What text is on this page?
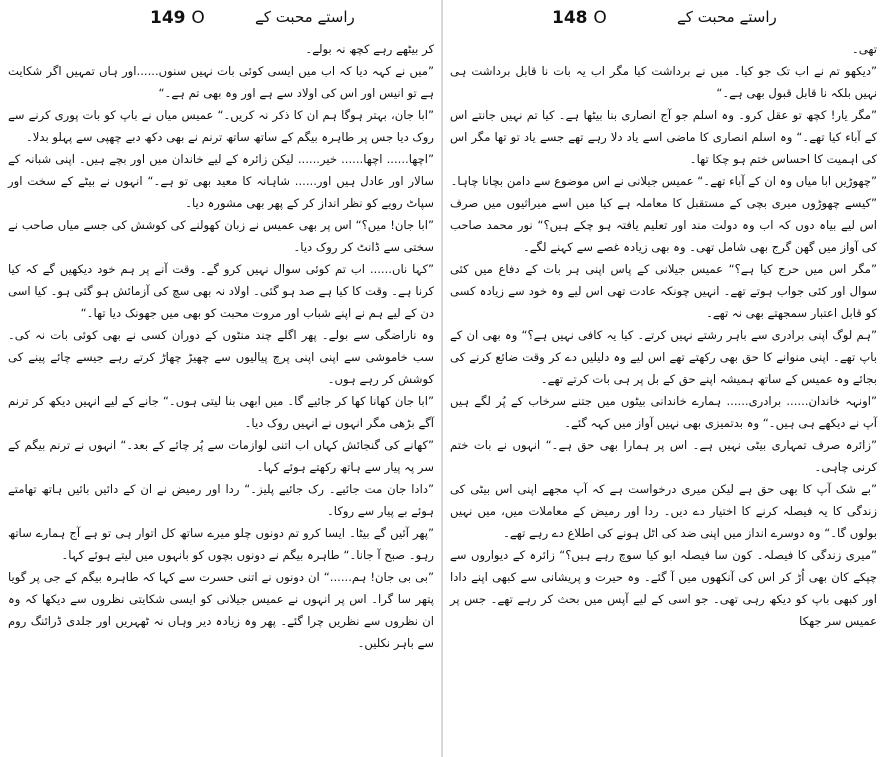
راستے محبت کے
149 O

کر بیٹھے رہے کچھ نہ بولے۔

”میں نے کہہ دیا کہ اب میں ایسی کوئی بات نہیں سنوں......اور ہاں تمہیں اگر شکایت ہے تو انیس اور اس کی اولاد سے ہے اور وہ بھی تم ہے۔“

”ابا جان، بہتر ہوگا ہم ان کا ذکر نہ کریں۔“ عمیس میاں نے باپ کو بات پوری کرنے سے روک دیا جس پر طاہرہ بیگم کے ساتھ ساتھ ترنم نے بھی دکھ دبے چھپی سے پہلو بدلا۔

”اچھا...... اچھا...... خیر...... لیکن زائرہ کے لیے خاندان میں اور بچے ہیں۔ اپنی شبانہ کے سالار اور عادل ہیں اور...... شاہانہ کا معید بھی تو ہے۔“ انہوں نے بیٹے کے سخت اور سپاٹ رویے کو نظر انداز کر کے پھر بھی مشورہ دیا۔

”ابا جان! میں؟“ اس پر بھی عمیس نے زبان کھولنے کی کوشش کی جسے میاں صاحب نے سختی سے ڈانٹ کر روک دیا۔

”کہا ناں...... اب تم کوئی سوال نہیں کرو گے۔ وقت آنے پر ہم خود دیکھیں گے کہ کیا کرنا ہے۔ وقت کا کیا ہے صد ہو گئی۔ اولاد نہ بھی سچ کی آزمائش ہو گئی ہو۔ کیا اسی دن کے لیے ہم نے اپنے شباب اور مروت محبت کو بھی میں جھونک دیا تھا۔“

وہ ناراضگی سے بولے۔ پھر اگلے چند منٹوں کے دوران کسی نے بھی کوئی بات نہ کی۔ سب خاموشی سے اپنی اپنی پرچ پیالیوں سے چھیڑ چھاڑ کرتے رہے جیسے چائے پینے کی کوشش کر رہے ہوں۔

”ابا جان کھانا کھا کر جائیے گا۔ میں ابھی بنا لیتی ہوں۔“ جانے کے لیے انہیں دیکھ کر ترنم آگے بڑھی مگر انہوں نے انہیں روک دیا۔

”کھانے کی گنجائش کہاں اب اتنی لوازمات سے پُر چائے کے بعد۔“ انہوں نے ترنم بیگم کے سر پہ پیار سے ہاتھ رکھتے ہوئے کہا۔

”دادا جان مت جائیے۔ رک جائیے پلیز۔“ ردا اور رمیض نے ان کے دائیں بائیں ہاتھ تھامتے ہوئے بے پیار سے روکا۔

”پھر آئیں گے بیٹا۔ ایسا کرو تم دونوں چلو میرے ساتھ کل اتوار ہی تو ہے آج ہمارے ساتھ رہو۔ صبح آ جانا۔“ طاہرہ بیگم نے دونوں بچوں کو بانہوں میں لیتے ہوئے کہا۔

”بی بی جان! ہم......“ ان دونوں نے اتنی حسرت سے کہا کہ طاہرہ بیگم کے جی پر گویا پتھر سا گرا۔ اس پر انہوں نے عمیس جیلانی کو ایسی شکایتی نظروں سے دیکھا کہ وہ ان نظروں سے نظریں چرا گئے۔ پھر وہ زیادہ دیر وہاں نہ ٹھہریں اور جلدی ڈرائنگ روم سے باہر نکلیں۔

راستے محبت کے
148 O

تھی۔

”دیکھو تم نے اب تک جو کیا۔ میں نے برداشت کیا مگر اب یہ بات نا قابل برداشت ہی نہیں بلکہ نا قابل قبول بھی ہے۔“

”مگر یار! کچھ تو عقل کرو۔ وہ اسلم جو آج انصاری بنا بیٹھا ہے۔ کیا تم نہیں جانتے اس کے آباء کیا تھے۔“ وہ اسلم انصاری کا ماضی اسے یاد دلا رہے تھے جسے یاد تو تھا مگر اس کی اہمیت کا احساس ختم ہو چکا تھا۔

”چھوڑیں ابا میاں وہ ان کے آباء تھے۔“ عمیس جیلانی نے اس موضوع سے دامن بچانا چاہا۔

”کیسے چھوڑوں میری بچی کے مستقبل کا معاملہ ہے کیا میں اسے میراثیوں میں صرف اس لیے بیاہ دوں کہ اب وہ دولت مند اور تعلیم یافتہ ہو چکے ہیں؟“ نور محمد صاحب کی آواز میں گھن گرج بھی شامل تھی۔ وہ بھی زیادہ غصے سے کہنے لگے۔

”مگر اس میں حرج کیا ہے؟“ عمیس جیلانی کے پاس اپنی ہر بات کے دفاع میں کئی سوال اور کئی جواب ہوتے تھے۔ انہیں چونکہ عادت تھی اس لیے وہ خود سے زیادہ کسی کو قابل اعتبار سمجھتے بھی نہ تھے۔

”ہم لوگ اپنی برادری سے باہر رشتے نہیں کرتے۔ کیا یہ کافی نہیں ہے؟“ وہ بھی ان کے باپ تھے۔ اپنی منوانے کا حق بھی رکھتے تھے اس لیے وہ دلیلیں دے کر وقت ضائع کرنے کی بجائے وہ عمیس کے ساتھ ہمیشہ اپنے حق کے بل پر ہی بات کرتے تھے۔

”اونہہ خاندان...... برادری...... ہمارے خاندانی بیٹوں میں جتنے سرخاب کے پُر لگے ہیں آپ نے دیکھے ہی ہیں۔“ وہ بدتمیزی بھی نہیں آواز میں کہہ گئے۔

”زائرہ صرف تمہاری بیٹی نہیں ہے۔ اس پر ہمارا بھی حق ہے۔“ انہوں نے بات ختم کرنی چاہی۔

”بے شک آپ کا بھی حق ہے لیکن میری درخواست ہے کہ آپ مجھے اپنی اس بیٹی کی زندگی کا یہ فیصلہ کرنے کا اختیار دے دیں۔ ردا اور رمیض کے معاملات میں، میں نہیں بولوں گا۔“ وہ دوسرے انداز میں اپنی ضد کی اٹل ہونے کی اطلاع دے رہے تھے۔

”میری زندگی کا فیصلہ۔ کون سا فیصلہ ابو کیا سوچ رہے ہیں؟“ زائرہ کے دیواروں سے چپکے کان بھی اُڑ کر اس کی آنکھوں میں آ گئے۔ وہ حیرت و پریشانی سے کبھی اپنے دادا اور کبھی باپ کو دیکھ رہی تھی۔ جو اسی کے لیے آپس میں بحث کر رہے تھے۔ جس پر عمیس سر جھکا
